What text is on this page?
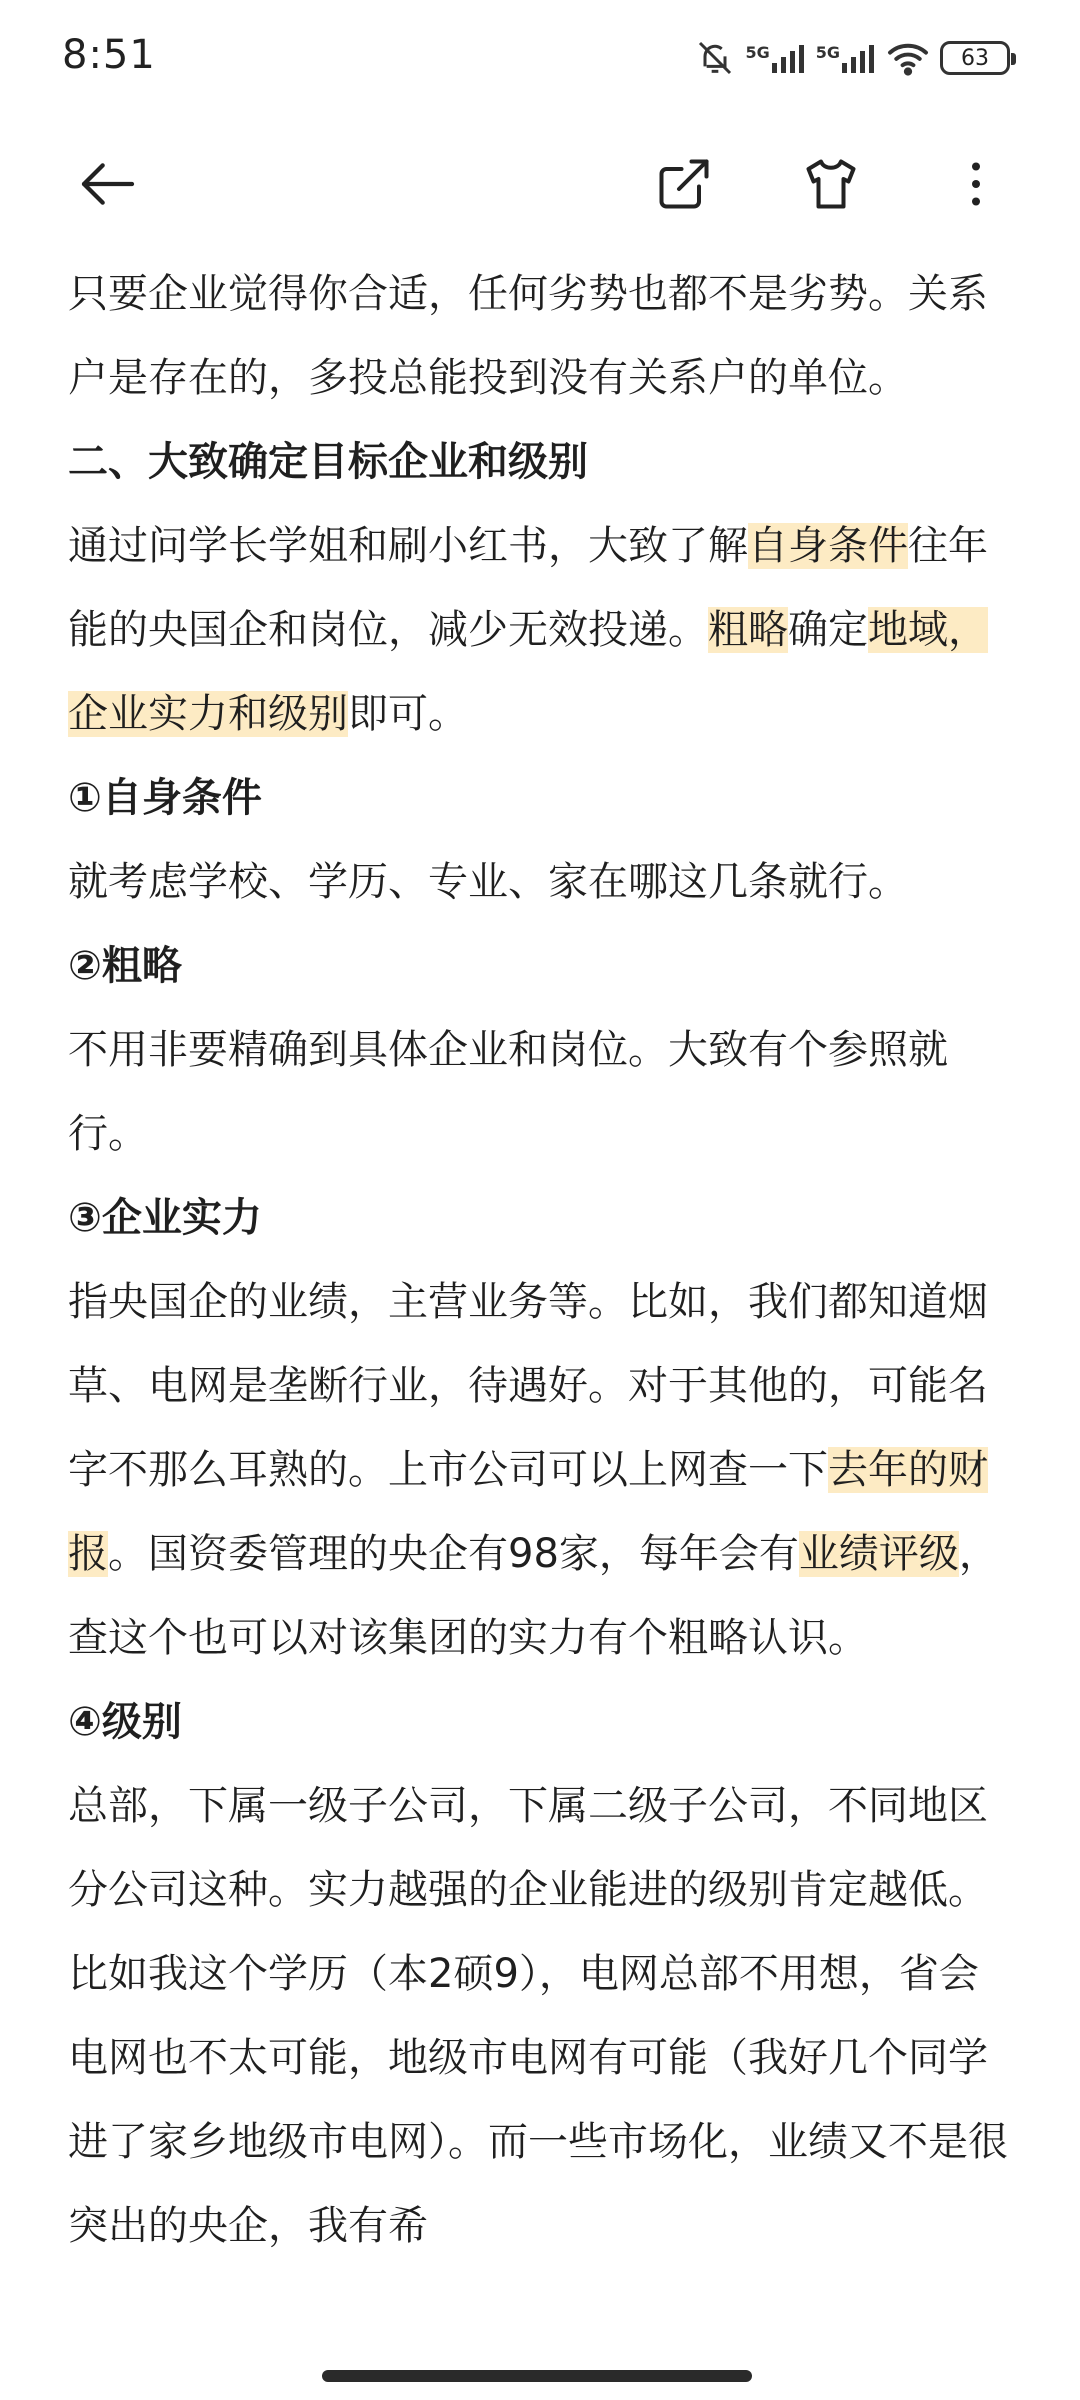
8:51	5G	5G	63

只要企业觉得你合适，任何劣势也都不是劣势。关系户是存在的，多投总能投到没有关系户的单位。

二、大致确定目标企业和级别

通过问学长学姐和刷小红书，大致了解自身条件往年能的央国企和岗位，减少无效投递。粗略确定地域，企业实力和级别即可。

①自身条件

就考虑学校、学历、专业、家在哪这几条就行。

②粗略

不用非要精确到具体企业和岗位。大致有个参照就行。

③企业实力

指央国企的业绩，主营业务等。比如，我们都知道烟草、电网是垄断行业，待遇好。对于其他的，可能名字不那么耳熟的。上市公司可以上网查一下去年的财报。国资委管理的央企有98家，每年会有业绩评级，查这个也可以对该集团的实力有个粗略认识。

④级别

总部，下属一级子公司，下属二级子公司，不同地区分公司这种。实力越强的企业能进的级别肯定越低。比如我这个学历（本2硕9），电网总部不用想，省会电网也不太可能，地级市电网有可能（我好几个同学进了家乡地级市电网）。而一些市场化，业绩又不是很突出的央企，我有希
